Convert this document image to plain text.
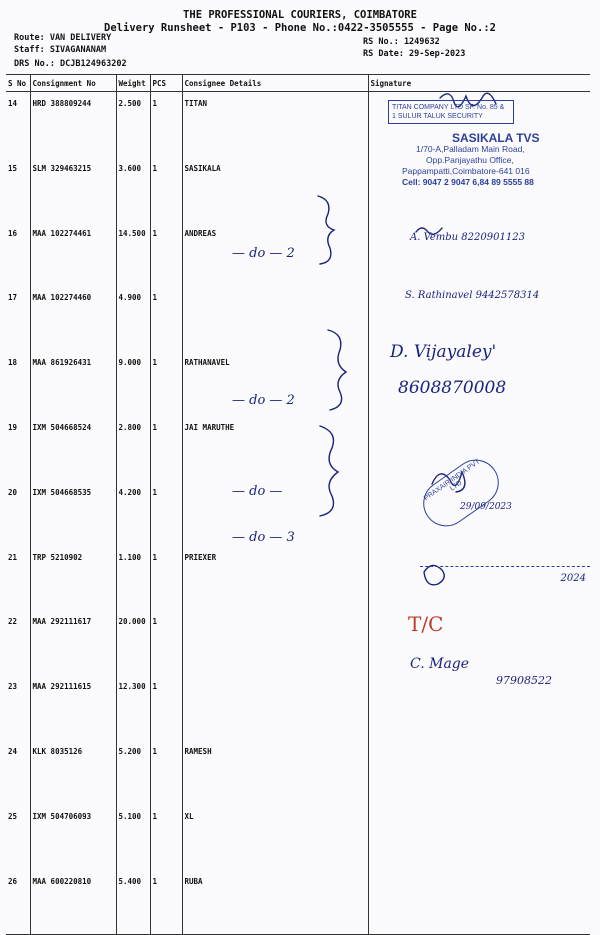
THE PROFESSIONAL COURIERS, COIMBATORE
Delivery Runsheet - P103 - Phone No.:0422-3505555 - Page No.:2
Route: VAN DELIVERY
Staff: SIVAGANANAM
DRS No.: DCJB124963202
RS No.: 1249632
RS Date: 29-Sep-2023
S No	Consignment No	Weight	PCS	Consignee Details	Signature
14	HRD 388809244	2.500	1	TITAN	
15	SLM 329463215	3.600	1	SASIKALA	
16	MAA 102274461	14.500	1	ANDREAS	
17	MAA 102274460	4.900	1		
18	MAA 861926431	9.000	1	RATHANAVEL	
19	IXM 504668524	2.800	1	JAI MARUTHE	
20	IXM 504668535	4.200	1		
21	TRP 5210902	1.100	1	PRIEXER	
22	MAA 292111617	20.000	1		
23	MAA 292111615	12.300	1		
24	KLK 8035126	5.200	1	RAMESH	
25	IXM 504706093	5.100	1	XL	
26	MAA 600220810	5.400	1	RUBA	
TITAN COMPANY LTD SF. No. 85 & 1 SULUR TALUK SECURITY
SASIKALA TVS
1/70-A,Palladam Main Road,
Opp.Panjayathu Office,
Pappampatti,Coimbatore-641 016
Cell: 9047 2 9047 6,84 89 5555 88
— do — 2
A. Vembu 8220901123
S. Rathinavel 9442578314
D. Vijayaley'
8608870008
— do — 2
— do —
— do — 3
PRAXAIR INDIA PVT LTD
29/09/2023
2024
T/C
C. Mage
97908522
